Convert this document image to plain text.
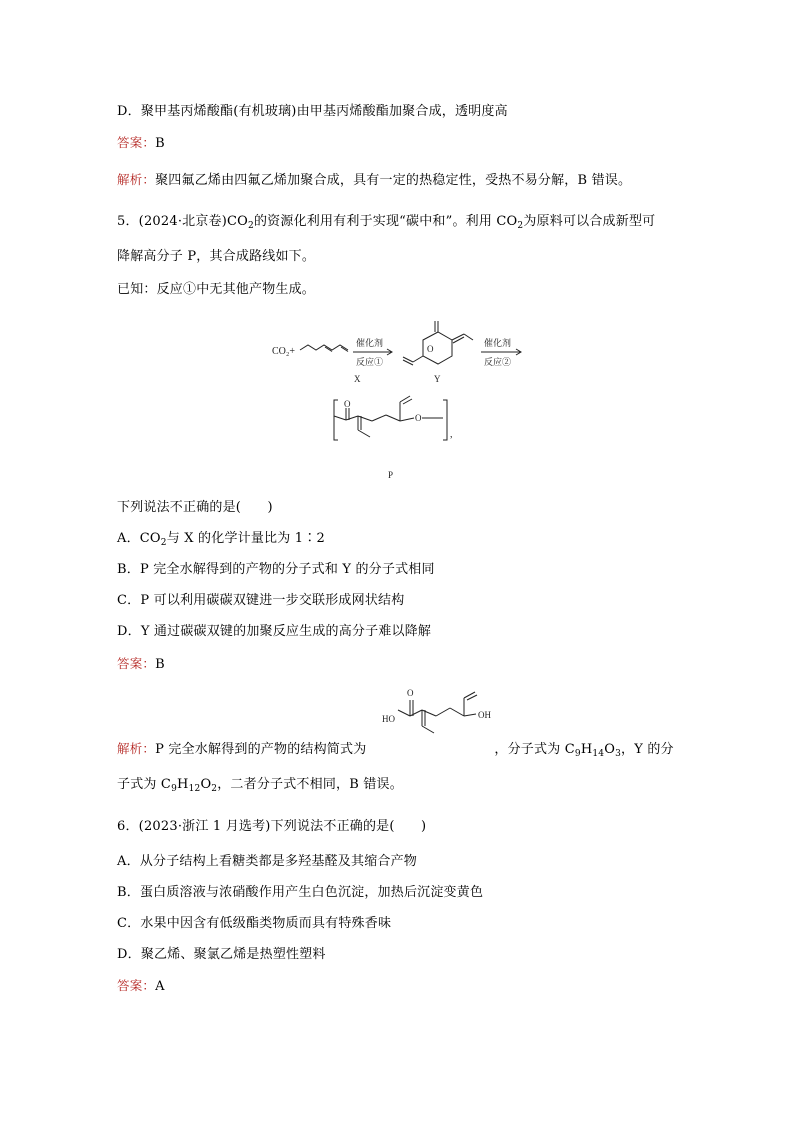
D．聚甲基丙烯酸酯(有机玻璃)由甲基丙烯酸酯加聚合成，透明度高
答案：B
解析：聚四氟乙烯由四氟乙烯加聚合成，具有一定的热稳定性，受热不易分解，B 错误。
5．(2024·北京卷)$CO_2$的资源化利用有利于实现“碳中和”。利用 $CO_2$为原料可以合成新型可
降解高分子 P，其合成路线如下。
已知：反应①中无其他产物生成。
CO₂+
催化剂
反应①
O
催化剂
反应②
X	Y
O
O
,
P
下列说法不正确的是(　　)
A．$CO_2$与 X 的化学计量比为 1∶2
B．P 完全水解得到的产物的分子式和 Y 的分子式相同
C．P 可以利用碳碳双键进一步交联形成网状结构
D．Y 通过碳碳双键的加聚反应生成的高分子难以降解
答案：B
HO
O
OH
解析：P 完全水解得到的产物的结构简式为	，分子式为 $C_9H_{14}O_3$，Y 的分
子式为 $C_9H_{12}O_2$，二者分子式不相同，B 错误。
6．(2023·浙江 1 月选考)下列说法不正确的是(　　)
A．从分子结构上看糖类都是多羟基醛及其缩合产物
B．蛋白质溶液与浓硝酸作用产生白色沉淀，加热后沉淀变黄色
C．水果中因含有低级酯类物质而具有特殊香味
D．聚乙烯、聚氯乙烯是热塑性塑料
答案：A
